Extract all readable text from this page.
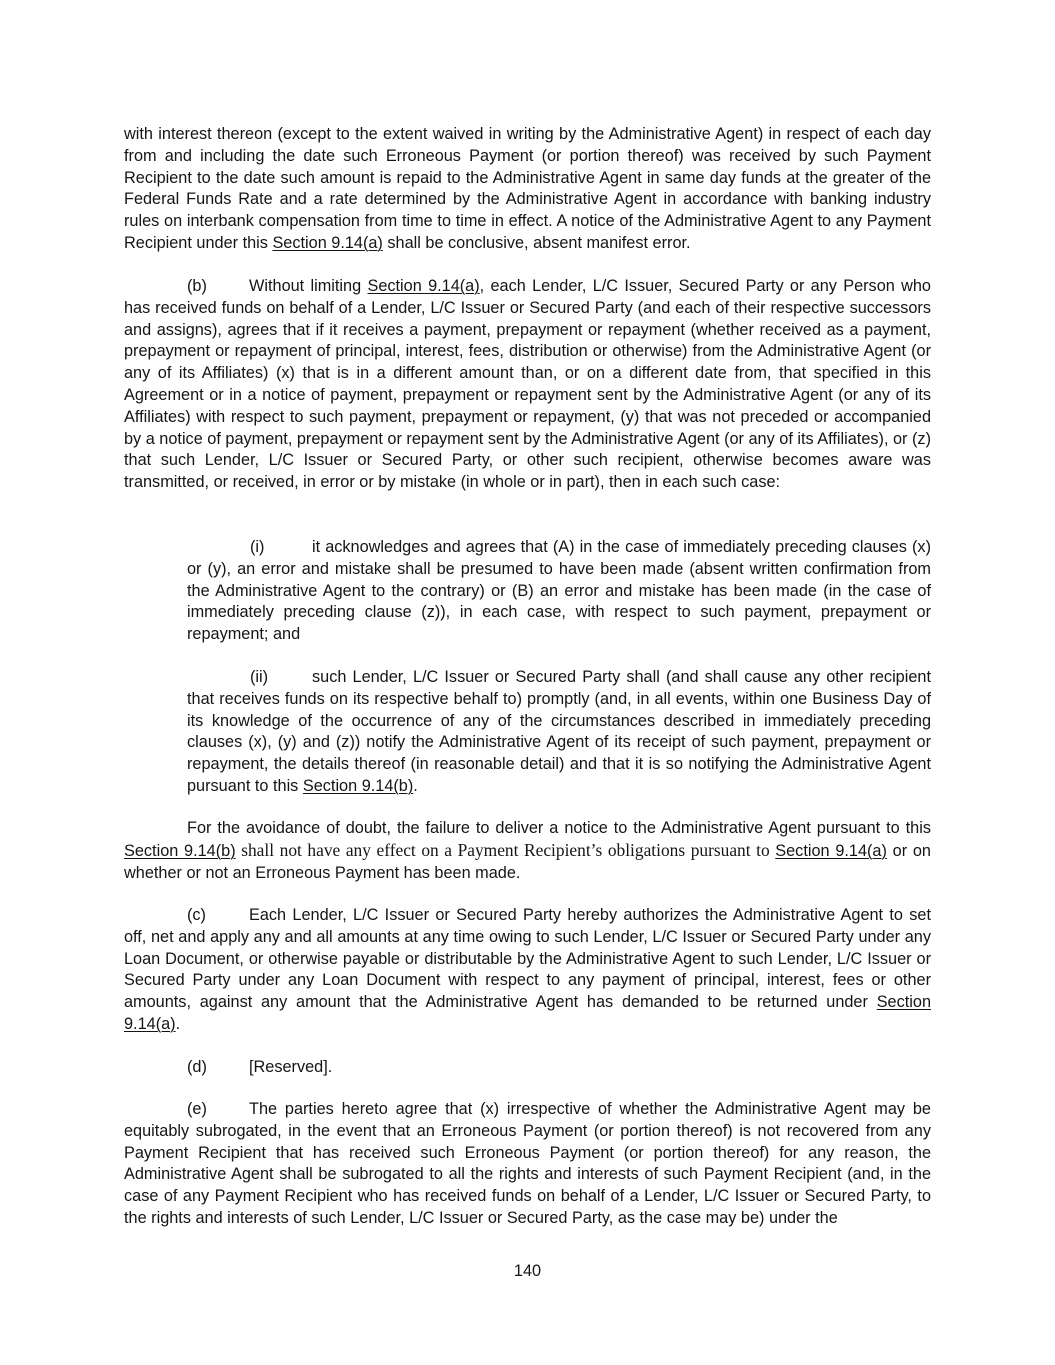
with interest thereon (except to the extent waived in writing by the Administrative Agent) in respect of each day from and including the date such Erroneous Payment (or portion thereof) was received by such Payment Recipient to the date such amount is repaid to the Administrative Agent in same day funds at the greater of the Federal Funds Rate and a rate determined by the Administrative Agent in accordance with banking industry rules on interbank compensation from time to time in effect. A notice of the Administrative Agent to any Payment Recipient under this Section 9.14(a) shall be conclusive, absent manifest error.

(b)	Without limiting Section 9.14(a), each Lender, L/C Issuer, Secured Party or any Person who has received funds on behalf of a Lender, L/C Issuer or Secured Party (and each of their respective successors and assigns), agrees that if it receives a payment, prepayment or repayment (whether received as a payment, prepayment or repayment of principal, interest, fees, distribution or otherwise) from the Administrative Agent (or any of its Affiliates) (x) that is in a different amount than, or on a different date from, that specified in this Agreement or in a notice of payment, prepayment or repayment sent by the Administrative Agent (or any of its Affiliates) with respect to such payment, prepayment or repayment, (y) that was not preceded or accompanied by a notice of payment, prepayment or repayment sent by the Administrative Agent (or any of its Affiliates), or (z) that such Lender, L/C Issuer or Secured Party, or other such recipient, otherwise becomes aware was transmitted, or received, in error or by mistake (in whole or in part), then in each such case:

(i)	it acknowledges and agrees that (A) in the case of immediately preceding clauses (x) or (y), an error and mistake shall be presumed to have been made (absent written confirmation from the Administrative Agent to the contrary) or (B) an error and mistake has been made (in the case of immediately preceding clause (z)), in each case, with respect to such payment, prepayment or repayment; and

(ii)	such Lender, L/C Issuer or Secured Party shall (and shall cause any other recipient that receives funds on its respective behalf to) promptly (and, in all events, within one Business Day of its knowledge of the occurrence of any of the circumstances described in immediately preceding clauses (x), (y) and (z)) notify the Administrative Agent of its receipt of such payment, prepayment or repayment, the details thereof (in reasonable detail) and that it is so notifying the Administrative Agent pursuant to this Section 9.14(b).

For the avoidance of doubt, the failure to deliver a notice to the Administrative Agent pursuant to this Section 9.14(b) shall not have any effect on a Payment Recipient’s obligations pursuant to Section 9.14(a) or on whether or not an Erroneous Payment has been made.

(c)	Each Lender, L/C Issuer or Secured Party hereby authorizes the Administrative Agent to set off, net and apply any and all amounts at any time owing to such Lender, L/C Issuer or Secured Party under any Loan Document, or otherwise payable or distributable by the Administrative Agent to such Lender, L/C Issuer or Secured Party under any Loan Document with respect to any payment of principal, interest, fees or other amounts, against any amount that the Administrative Agent has demanded to be returned under Section 9.14(a).

(d)	[Reserved].

(e)	The parties hereto agree that (x) irrespective of whether the Administrative Agent may be equitably subrogated, in the event that an Erroneous Payment (or portion thereof) is not recovered from any Payment Recipient that has received such Erroneous Payment (or portion thereof) for any reason, the Administrative Agent shall be subrogated to all the rights and interests of such Payment Recipient (and, in the case of any Payment Recipient who has received funds on behalf of a Lender, L/C Issuer or Secured Party, to the rights and interests of such Lender, L/C Issuer or Secured Party, as the case may be) under the

140
